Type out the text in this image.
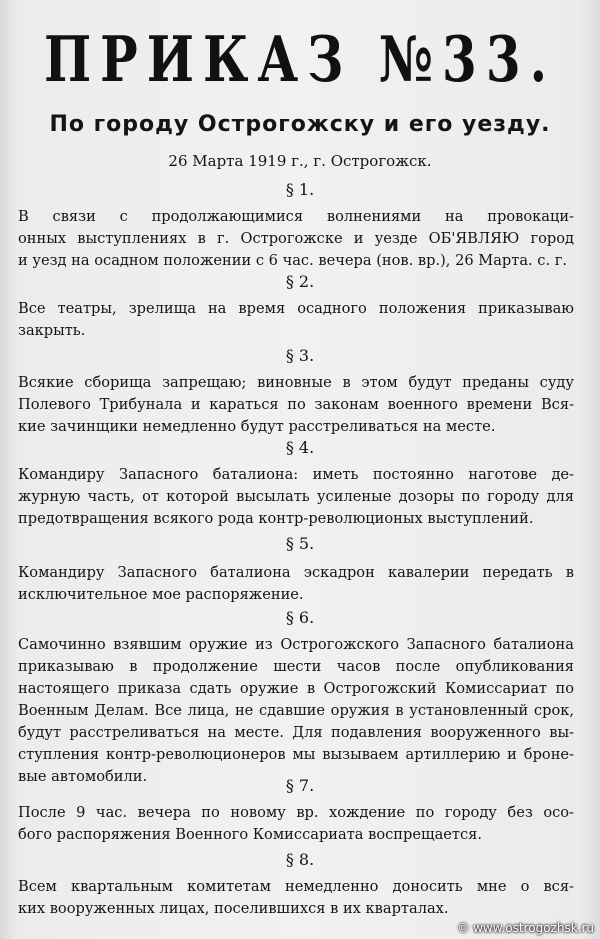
ПРИКАЗ №33.
По городу Острогожску и его уезду.
26 Марта 1919 г., г. Острогожск.
§ 1.
В связи с продолжающимися волнениями на провокаци-
онных выступлениях в г. Острогожске и уезде ОБ'ЯВЛЯЮ город
и уезд на осадном положении с 6 час. вечера (нов. вр.), 26 Марта. с. г.
§ 2.
Все театры, зрелища на время осадного положения приказываю
закрыть.
§ 3.
Всякие сборища запрещаю; виновные в этом будут преданы суду
Полевого Трибунала и караться по законам военного времени Вся-
кие зачинщики немедленно будут расстреливаться на месте.
§ 4.
Командиру Запасного баталиона: иметь постоянно наготове де-
журную часть, от которой высылать усиленые дозоры по городу для
предотвращения всякого рода контр-революционых выступлений.
§ 5.
Командиру Запасного баталиона эскадрон кавалерии передать в
исключительное мое распоряжение.
§ 6.
Самочинно взявшим оружие из Острогожского Запасного баталиона
приказываю в продолжение шести часов после опубликования
настоящего приказа сдать оружие в Острогожский Комиссариат по
Военным Делам. Все лица, не сдавшие оружия в установленный срок,
будут расстреливаться на месте. Для подавления вооруженного вы-
ступления контр-революционеров мы вызываем артиллерию и броне-
вые автомобили.	§ 7.
После 9 час. вечера по новому вр. хождение по городу без осо-
бого распоряжения Военного Комиссариата воспрещается.
§ 8.
Всем квартальным комитетам немедленно доносить мне о вся-
ких вооруженных лицах, поселившихся в их кварталах.
© www.ostrogozhsk.ru
